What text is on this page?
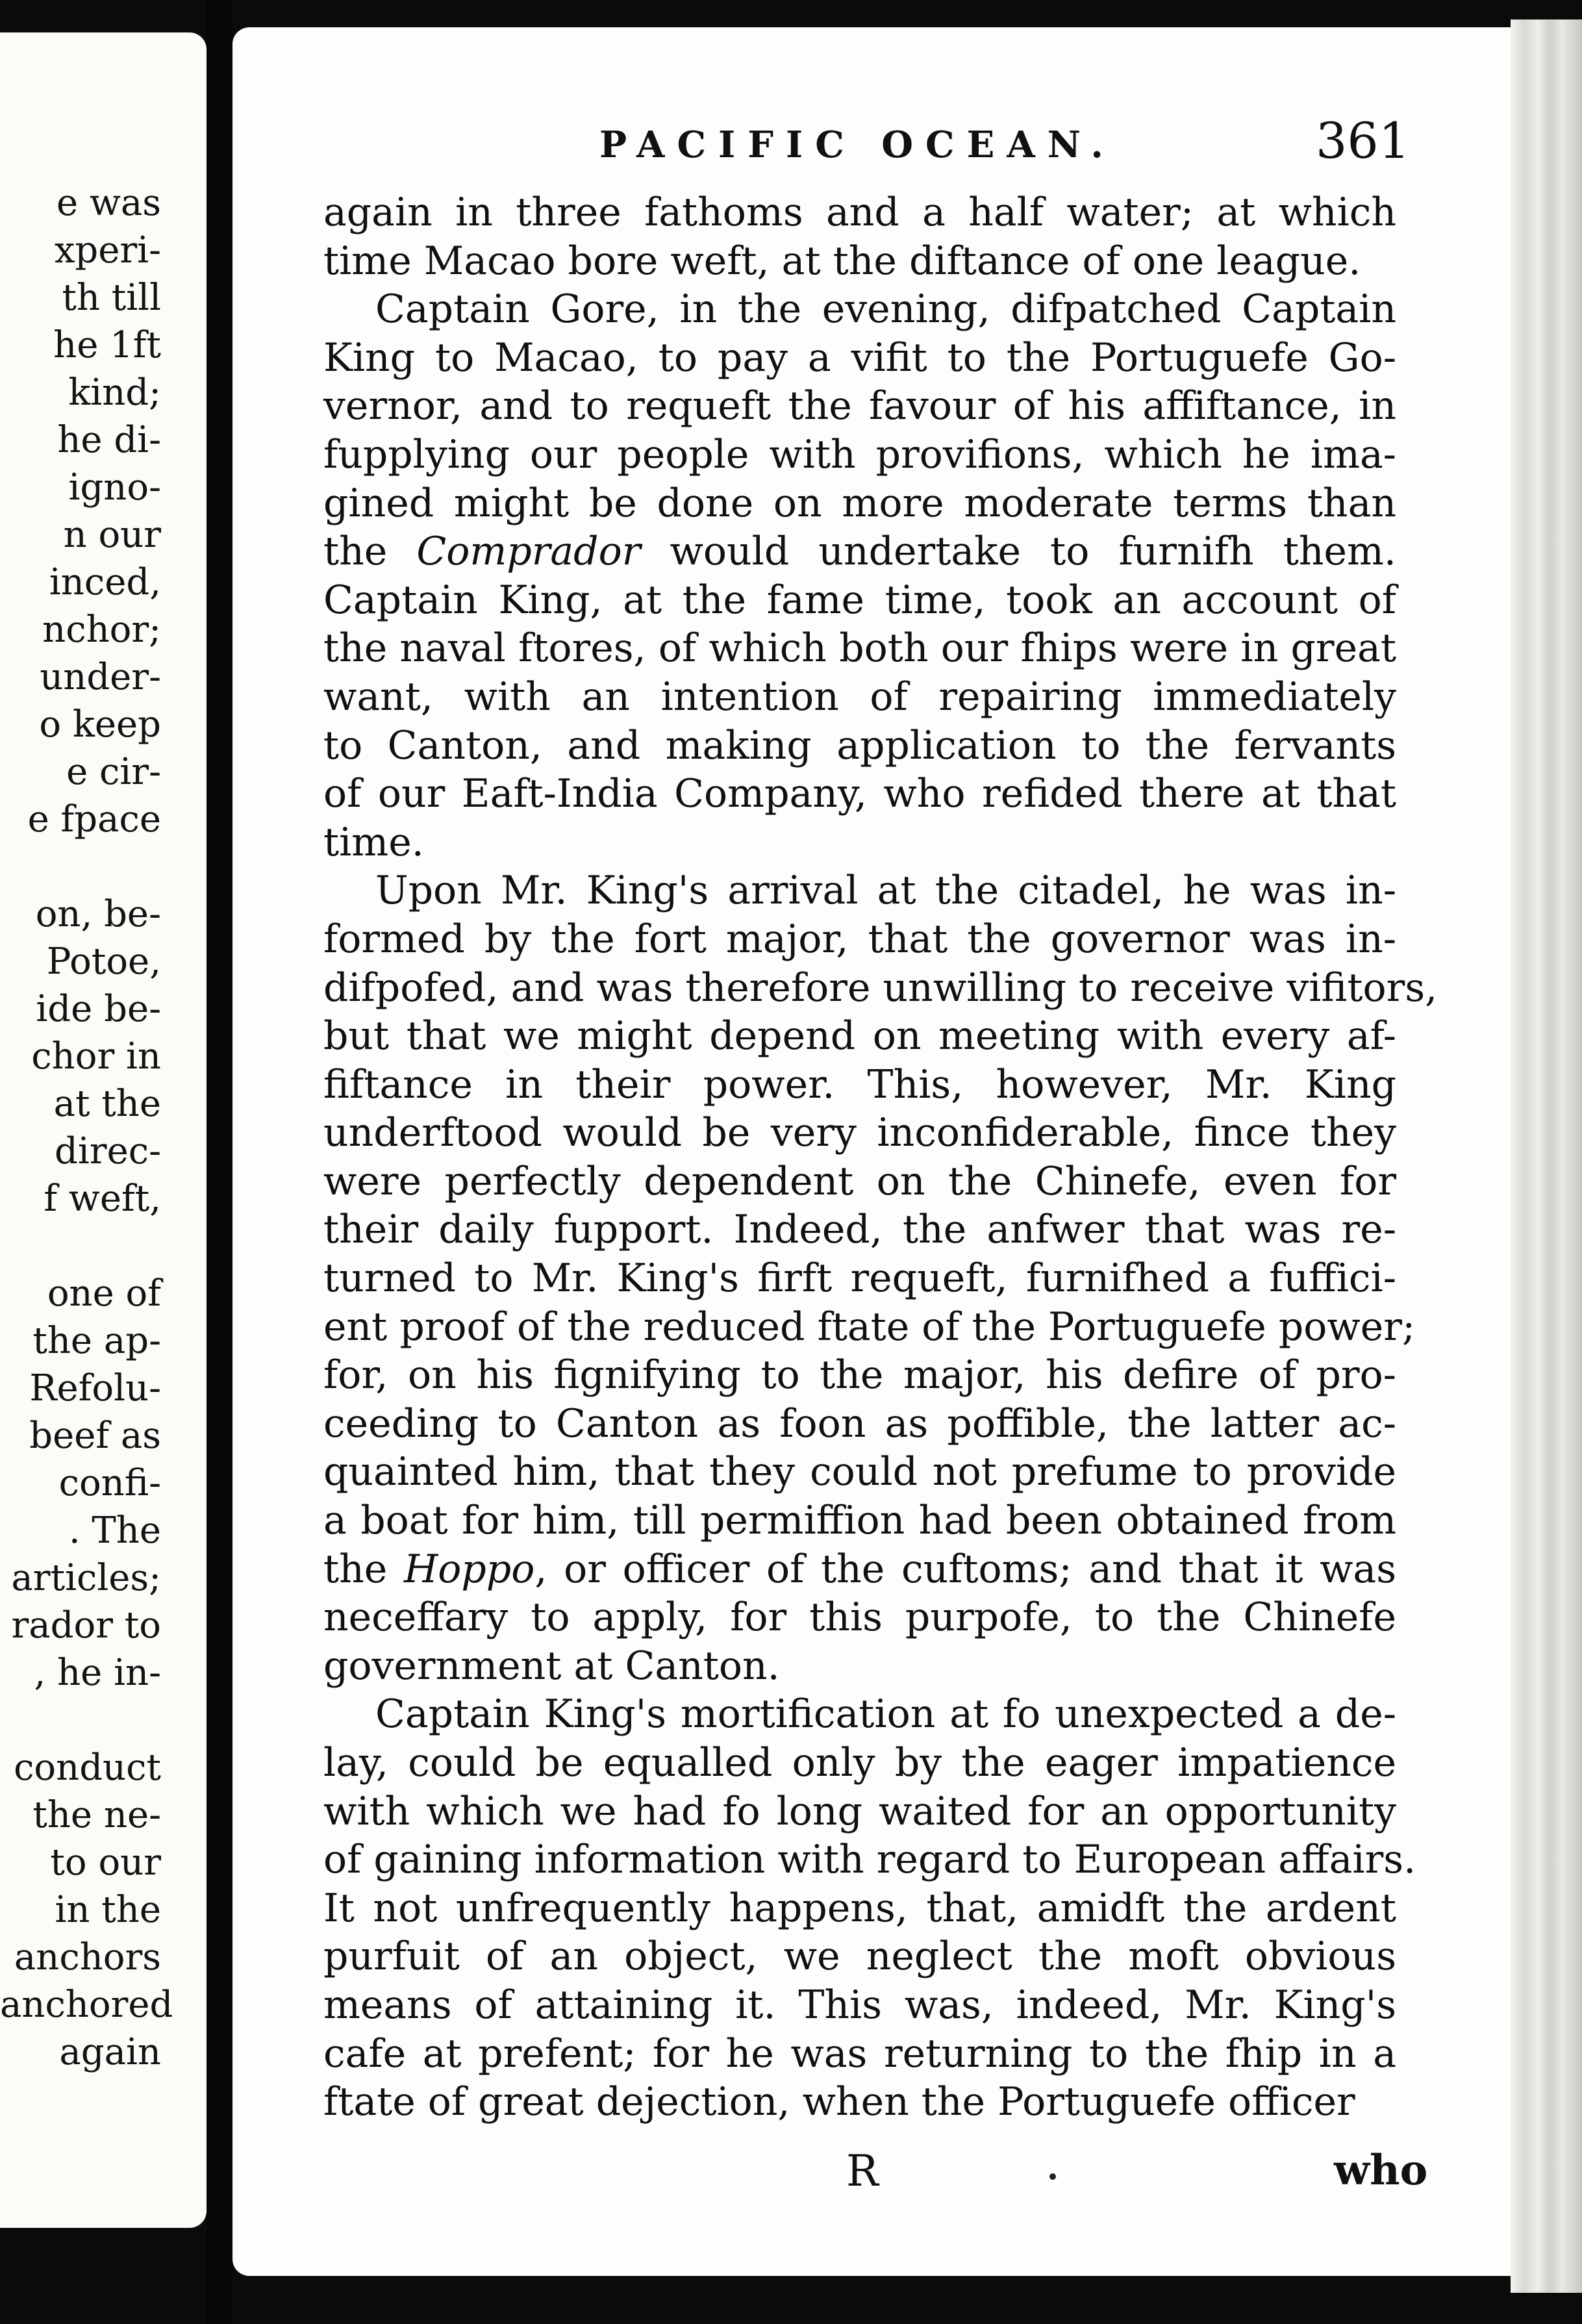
e was
xperi-
th till
he 1ft
kind;
he di-
igno-
n our
inced,
nchor;
under-
o keep
e cir-
e fpace
on, be-
Potoe,
ide be-
chor in
at the
direc-
f weft,
one of
the ap-
Refolu-
beef as
confi-
. The
articles;
rador to
, he in-
conduct
the ne-
to our
in the
anchors
anchored
again
PACIFIC OCEAN.	361
again in three fathoms and a half water; at which
time Macao bore weft, at the diftance of one league.
Captain Gore, in the evening, difpatched Captain
King to Macao, to pay a vifit to the Portuguefe Go-
vernor, and to requeft the favour of his affiftance, in
fupplying our people with provifions, which he ima-
gined might be done on more moderate terms than
the Comprador would undertake to furnifh them.
Captain King, at the fame time, took an account of
the naval ftores, of which both our fhips were in great
want, with an intention of repairing immediately
to Canton, and making application to the fervants
of our Eaft-India Company, who refided there at that
time.
Upon Mr. King's arrival at the citadel, he was in-
formed by the fort major, that the governor was in-
difpofed, and was therefore unwilling to receive vifitors,
but that we might depend on meeting with every af-
fiftance in their power. This, however, Mr. King
underftood would be very inconfiderable, fince they
were perfectly dependent on the Chinefe, even for
their daily fupport. Indeed, the anfwer that was re-
turned to Mr. King's firft requeft, furnifhed a fuffici-
ent proof of the reduced ftate of the Portuguefe power;
for, on his fignifying to the major, his defire of pro-
ceeding to Canton as foon as poffible, the latter ac-
quainted him, that they could not prefume to provide
a boat for him, till permiffion had been obtained from
the Hoppo, or officer of the cuftoms; and that it was
neceffary to apply, for this purpofe, to the Chinefe
government at Canton.
Captain King's mortification at fo unexpected a de-
lay, could be equalled only by the eager impatience
with which we had fo long waited for an opportunity
of gaining information with regard to European affairs.
It not unfrequently happens, that, amidft the ardent
purfuit of an object, we neglect the moft obvious
means of attaining it. This was, indeed, Mr. King's
cafe at prefent; for he was returning to the fhip in a
ftate of great dejection, when the Portuguefe officer
R	who
